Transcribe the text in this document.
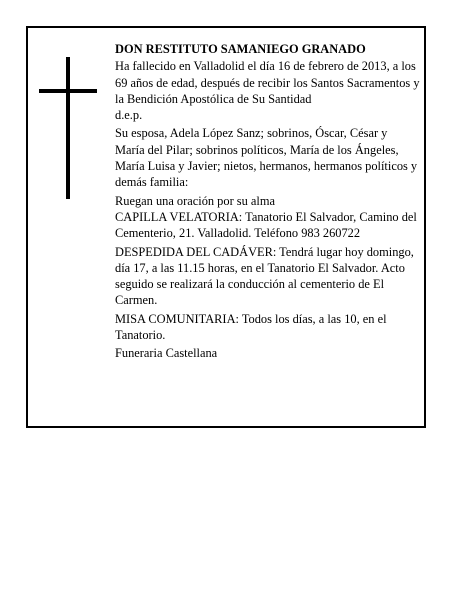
DON RESTITUTO SAMANIEGO GRANADO

Ha fallecido en Valladolid el día 16 de febrero de 2013, a los 69 años de edad, después de recibir los Santos Sacramentos y la Bendición Apostólica de Su Santidad

d.e.p.

Su esposa, Adela López Sanz; sobrinos, Óscar, César y María del Pilar; sobrinos políticos, María de los Ángeles, María Luisa y Javier; nietos, hermanos, hermanos políticos y demás familia:

Ruegan una oración por su alma

CAPILLA VELATORIA: Tanatorio El Salvador, Camino del Cementerio, 21. Valladolid. Teléfono 983 260722

DESPEDIDA DEL CADÁVER: Tendrá lugar hoy domingo, día 17, a las 11.15 horas, en el Tanatorio El Salvador. Acto seguido se realizará la conducción al cementerio de El Carmen.

MISA COMUNITARIA: Todos los días, a las 10, en el Tanatorio.

Funeraria Castellana
